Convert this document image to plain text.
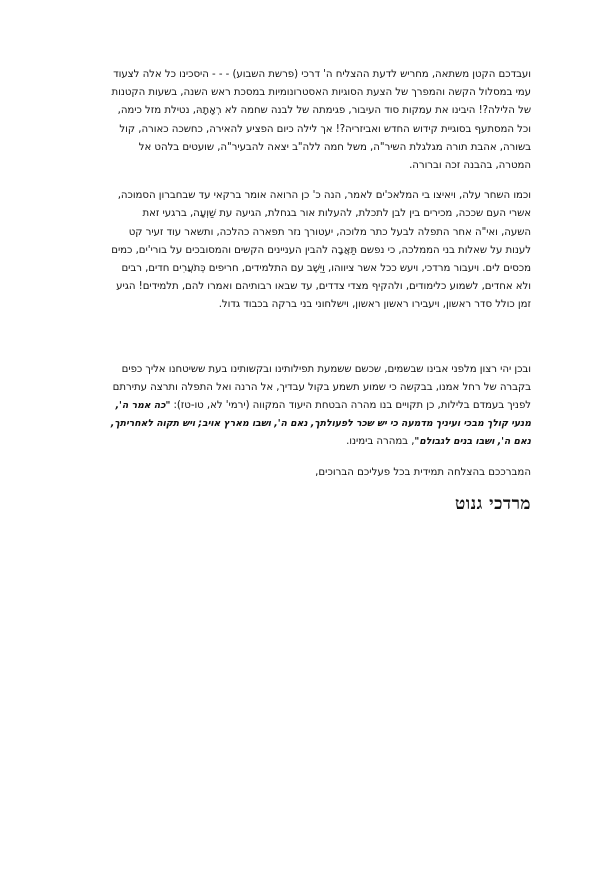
ועבדכם הקטן משתאה, מחריש לדעת ההצליח ה' דרכי (פרשת השבוע) - - - היסכינו כל אלה לצעוד
עמי במסלול הקשה והמפרך של הצעת הסוגיות האסטרונומיות במסכת ראש השנה, בשעות הקטנות
של הלילה?! היבינו את עמקות סוד העיבור, פגימתה של לבנה שחמה לא רְאָתָהּ, נטילת מזל כימה,
וכל המסתעף בסוגיית קידוש החדש ואביזריה?! אך לילה כיום הפציע להאירה, כחשכה כאורה, קול
בשורה, אהבת תורה מגלגלת השיר"ה, משל חמה ללה"ב יצאה להבעיר"ה, שועטים בלהט אל
המטרה, בהבנה זכה וברורה.
וכמו השחר עלה, ויאיצו בי המלאכ'ים לאמר, הנה כ' כן הרואה אומר ברקאי עד שבחברון הסמוכה,
אשרי העם שככה, מכירים בין לבן לתכלת, להעלות אור בגחלת, הגיעה עת שַׁוְעָה, ברגעי זאת
השעה, ואי"ה אחר התפלה לבעל כתר מלוכה, יעטורך נזר תפארה כהלכה, ותשאר עוד זעיר קט
לענות על שאלות בני הממלכה, כי נפשם תַּאֲבָה להבין העניינים הקשים והמסובכים על בורי'ים, כמים
מכסים לים. ויעבור מרדכי, ויעש ככל אשר ציווהו, וַיֵּשֶׁב עם התלמידים, חריפים כְּתֹעֲרִים חדים, רבים
ולא אחדים, לשמוע כלימודים, ולהקיף מצדי צדדים, עד שבאו רבותיהם ואמרו להם, תלמידים! הגיע
זמן כולל סדר ראשון, ויעבירו ראשון ראשון, וישלחוני בני ברקה בכבוד גדול.
ובכן יהי רצון מלפני אבינו שבשמים, שכשם ששמעת תפילותינו ובקשותינו בעת ששיטחנו אליך כפים
בקברה של רחל אמנו, בבקשה כי שמוע תשמע בקול עבדיך, אל הרנה ואל התפלה ותרצה עתירתם
לפניך בעמדם בלילות, כן תקויים בנו מהרה הבטחת היעוד המקווה (ירמי' לא, טו-טז): "כה אמר ה',
מנעי קולך מבכי ועיניך מדמעה כי יש שכר לפעולתך, נאם ה', ושבו מארץ אויב; ויש תקוה לאחריתך,
נאם ה', ושבו בנים לגבולם", במהרה בימינו.

המברככם בהצלחה תמידית בכל פעליכם הברוכים,

מרדכי גנוט
